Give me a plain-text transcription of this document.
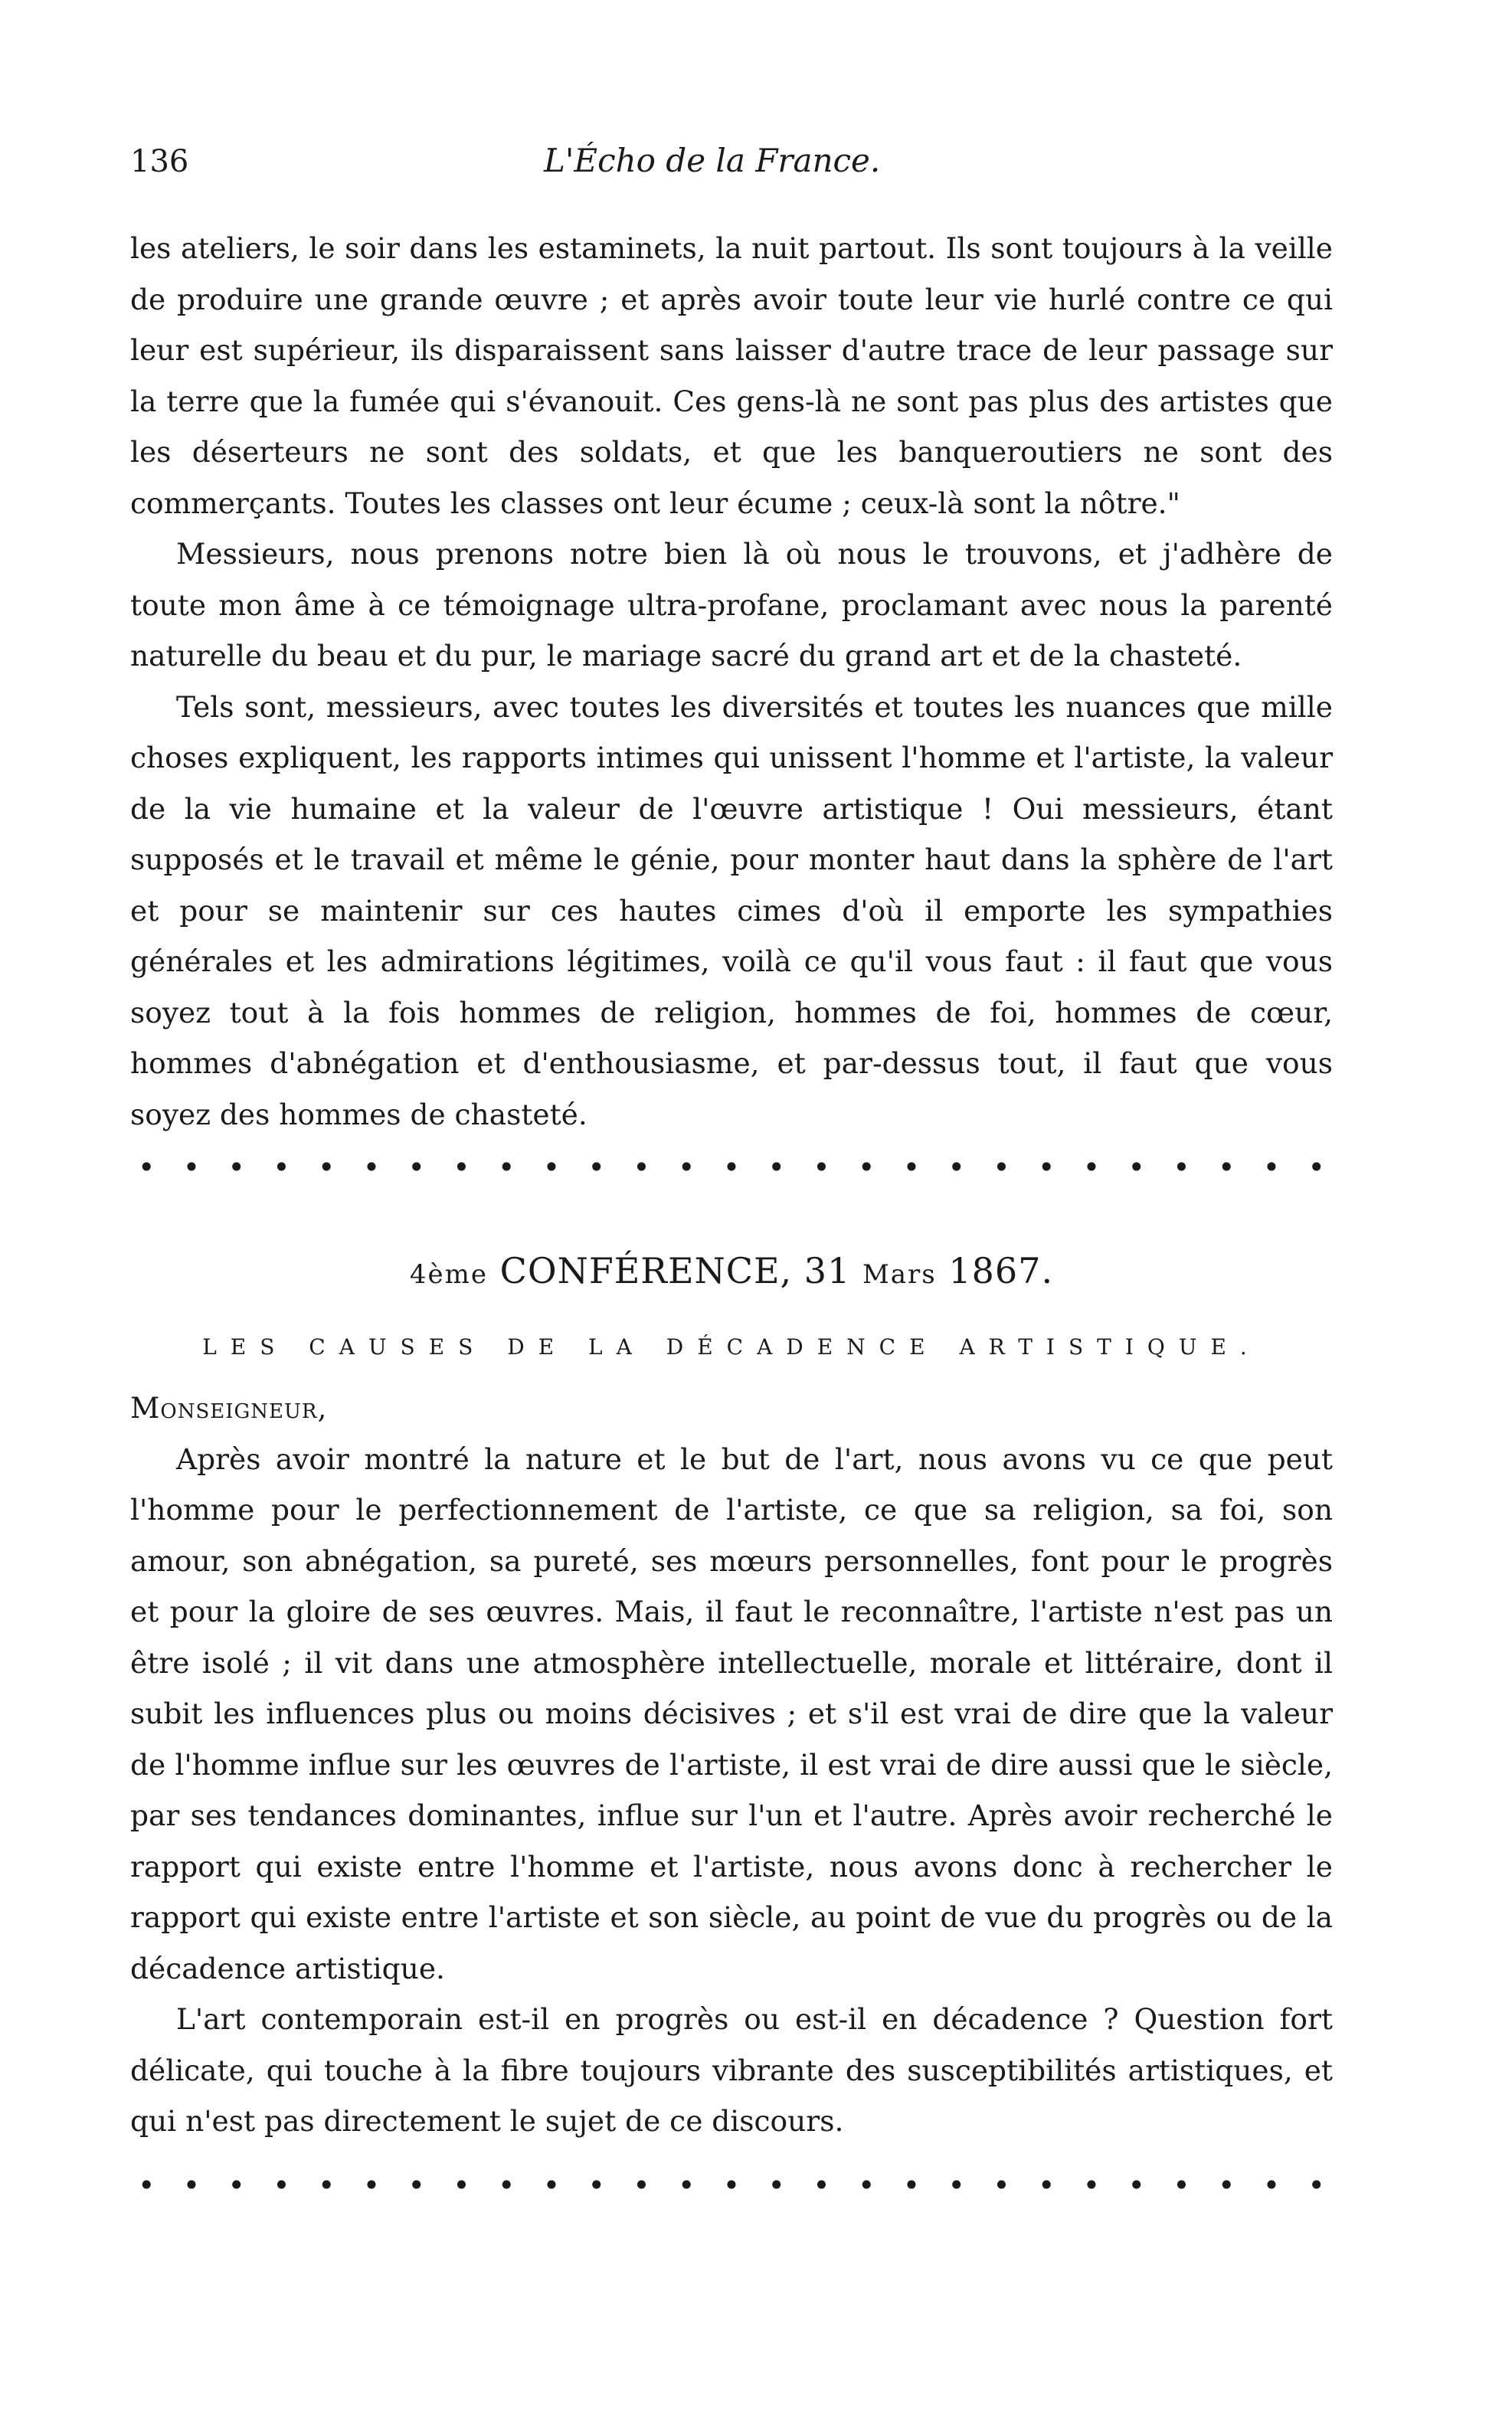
136	L'Écho de la France.

les ateliers, le soir dans les estaminets, la nuit partout. Ils sont toujours à la veille de produire une grande œuvre ; et après avoir toute leur vie hurlé contre ce qui leur est supérieur, ils disparaissent sans laisser d'autre trace de leur passage sur la terre que la fumée qui s'évanouit. Ces gens-là ne sont pas plus des artistes que les déserteurs ne sont des soldats, et que les banqueroutiers ne sont des commerçants. Toutes les classes ont leur écume ; ceux-là sont la nôtre."

Messieurs, nous prenons notre bien là où nous le trouvons, et j'adhère de toute mon âme à ce témoignage ultra-profane, proclamant avec nous la parenté naturelle du beau et du pur, le mariage sacré du grand art et de la chasteté.

Tels sont, messieurs, avec toutes les diversités et toutes les nuances que mille choses expliquent, les rapports intimes qui unissent l'homme et l'artiste, la valeur de la vie humaine et la valeur de l'œuvre artistique ! Oui messieurs, étant supposés et le travail et même le génie, pour monter haut dans la sphère de l'art et pour se maintenir sur ces hautes cimes d'où il emporte les sympathies générales et les admirations légitimes, voilà ce qu'il vous faut : il faut que vous soyez tout à la fois hommes de religion, hommes de foi, hommes de cœur, hommes d'abnégation et d'enthousiasme, et par-dessus tout, il faut que vous soyez des hommes de chasteté.

• • • • • • • • • • • • • • • • • • • • • • • • • • •
4ème CONFÉRENCE, 31 Mars 1867.
LES CAUSES DE LA DÉCADENCE ARTISTIQUE.
Monseigneur,

Après avoir montré la nature et le but de l'art, nous avons vu ce que peut l'homme pour le perfectionnement de l'artiste, ce que sa religion, sa foi, son amour, son abnégation, sa pureté, ses mœurs personnelles, font pour le progrès et pour la gloire de ses œuvres. Mais, il faut le reconnaître, l'artiste n'est pas un être isolé ; il vit dans une atmosphère intellectuelle, morale et littéraire, dont il subit les influences plus ou moins décisives ; et s'il est vrai de dire que la valeur de l'homme influe sur les œuvres de l'artiste, il est vrai de dire aussi que le siècle, par ses tendances dominantes, influe sur l'un et l'autre. Après avoir recherché le rapport qui existe entre l'homme et l'artiste, nous avons donc à rechercher le rapport qui existe entre l'artiste et son siècle, au point de vue du progrès ou de la décadence artistique.

L'art contemporain est-il en progrès ou est-il en décadence ? Question fort délicate, qui touche à la fibre toujours vibrante des susceptibilités artistiques, et qui n'est pas directement le sujet de ce discours.

• • • • • • • • • • • • • • • • • • • • • • • • • • •
